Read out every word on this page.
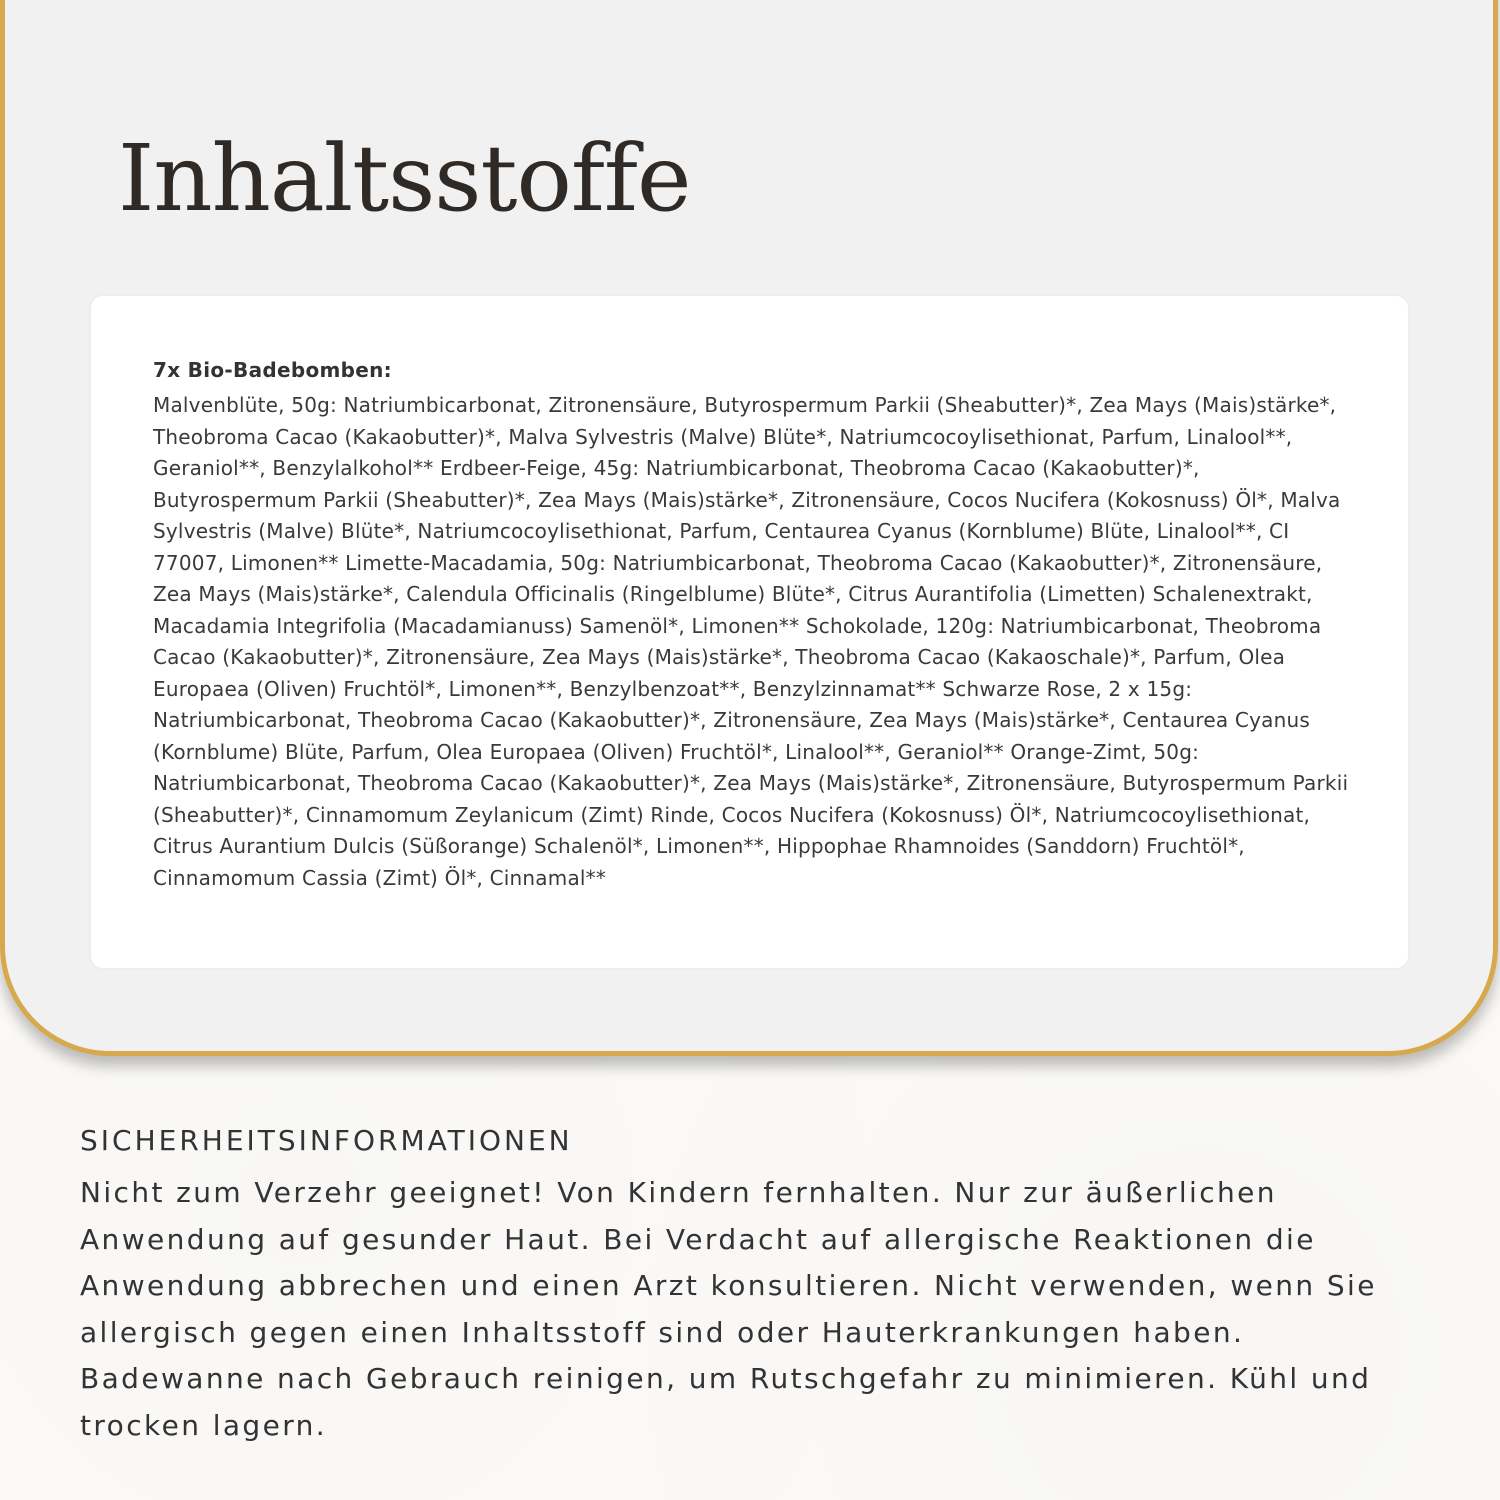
Inhaltsstoffe
7x Bio-Badebomben:

Malvenblüte, 50g: Natriumbicarbonat, Zitronensäure, Butyrospermum Parkii (Sheabutter)*, Zea Mays (Mais)stärke*, Theobroma Cacao (Kakaobutter)*, Malva Sylvestris (Malve) Blüte*, Natriumcocoylisethionat, Parfum, Linalool**, Geraniol**, Benzylalkohol** Erdbeer-Feige, 45g: Natriumbicarbonat, Theobroma Cacao (Kakaobutter)*, Butyrospermum Parkii (Sheabutter)*, Zea Mays (Mais)stärke*, Zitronensäure, Cocos Nucifera (Kokosnuss) Öl*, Malva Sylvestris (Malve) Blüte*, Natriumcocoylisethionat, Parfum, Centaurea Cyanus (Kornblume) Blüte, Linalool**, CI 77007, Limonen** Limette-Macadamia, 50g: Natriumbicarbonat, Theobroma Cacao (Kakaobutter)*, Zitronensäure, Zea Mays (Mais)stärke*, Calendula Officinalis (Ringelblume) Blüte*, Citrus Aurantifolia (Limetten) Schalenextrakt, Macadamia Integrifolia (Macadamianuss) Samenöl*, Limonen** Schokolade, 120g: Natriumbicarbonat, Theobroma Cacao (Kakaobutter)*, Zitronensäure, Zea Mays (Mais)stärke*, Theobroma Cacao (Kakaoschale)*, Parfum, Olea Europaea (Oliven) Fruchtöl*, Limonen**, Benzylbenzoat**, Benzylzinnamat** Schwarze Rose, 2 x 15g: Natriumbicarbonat, Theobroma Cacao (Kakaobutter)*, Zitronensäure, Zea Mays (Mais)stärke*, Centaurea Cyanus (Kornblume) Blüte, Parfum, Olea Europaea (Oliven) Fruchtöl*, Linalool**, Geraniol** Orange-Zimt, 50g: Natriumbicarbonat, Theobroma Cacao (Kakaobutter)*, Zea Mays (Mais)stärke*, Zitronensäure, Butyrospermum Parkii (Sheabutter)*, Cinnamomum Zeylanicum (Zimt) Rinde, Cocos Nucifera (Kokosnuss) Öl*, Natriumcocoylisethionat, Citrus Aurantium Dulcis (Süßorange) Schalenöl*, Limonen**, Hippophae Rhamnoides (Sanddorn) Fruchtöl*, Cinnamomum Cassia (Zimt) Öl*, Cinnamal**

SICHERHEITSINFORMATIONEN

Nicht zum Verzehr geeignet! Von Kindern fernhalten. Nur zur äußerlichen Anwendung auf gesunder Haut. Bei Verdacht auf allergische Reaktionen die Anwendung abbrechen und einen Arzt konsultieren. Nicht verwenden, wenn Sie allergisch gegen einen Inhaltsstoff sind oder Hauterkrankungen haben. Badewanne nach Gebrauch reinigen, um Rutschgefahr zu minimieren. Kühl und trocken lagern.
